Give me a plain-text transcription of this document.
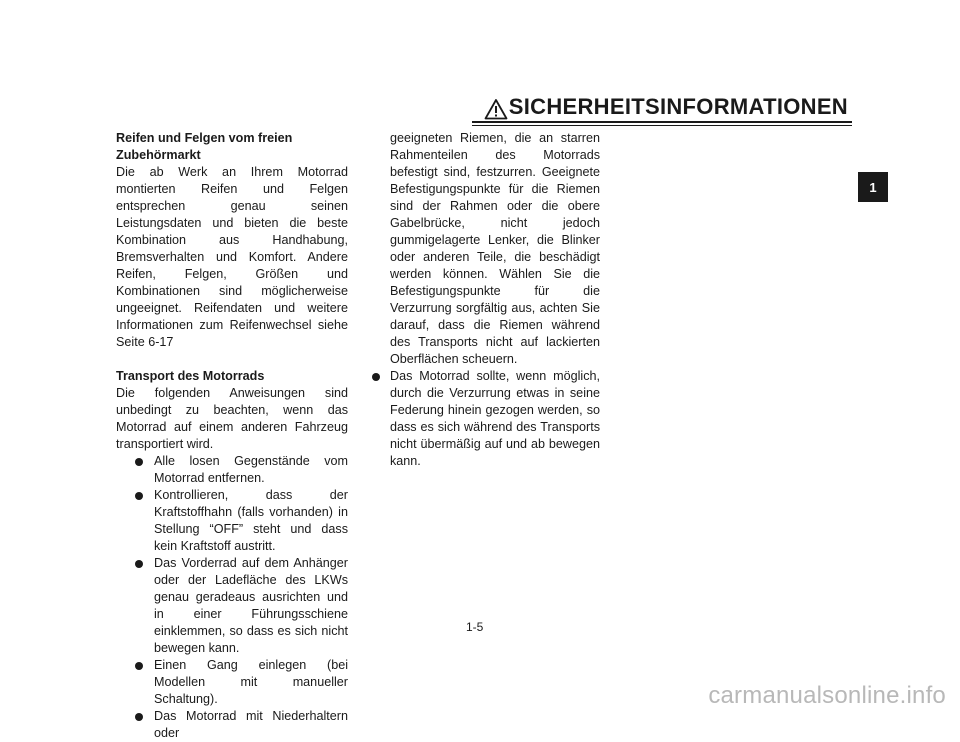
SICHERHEITSINFORMATIONEN
1

Reifen und Felgen vom freien

Zubehörmarkt

Die ab Werk an Ihrem Motorrad montierten Reifen und Felgen entsprechen genau seinen Leistungsdaten und bieten die beste Kombination aus Handhabung, Bremsverhalten und Komfort. Andere Reifen, Felgen, Größen und Kombinationen sind möglicherweise ungeeignet. Reifendaten und weitere Informationen zum Reifenwechsel siehe Seite 6-17

Transport des Motorrads

Die folgenden Anweisungen sind unbedingt zu beachten, wenn das Motorrad auf einem anderen Fahrzeug transportiert wird.

Alle losen Gegenstände vom Motorrad entfernen.
Kontrollieren, dass der Kraftstoffhahn (falls vorhanden) in Stellung “OFF” steht und dass kein Kraftstoff austritt.
Das Vorderrad auf dem Anhänger oder der Ladefläche des LKWs genau geradeaus ausrichten und in einer Führungsschiene einklemmen, so dass es sich nicht bewegen kann.
Einen Gang einlegen (bei Modellen mit manueller Schaltung).
Das Motorrad mit Niederhaltern oder

geeigneten Riemen, die an starren Rahmenteilen des Motorrads befestigt sind, festzurren. Geeignete Befestigungspunkte für die Riemen sind der Rahmen oder die obere Gabelbrücke, nicht jedoch gummigelagerte Lenker, die Blinker oder anderen Teile, die beschädigt werden können. Wählen Sie die Befestigungspunkte für die Verzurrung sorgfältig aus, achten Sie darauf, dass die Riemen während des Transports nicht auf lackierten Oberflächen scheuern.

Das Motorrad sollte, wenn möglich, durch die Verzurrung etwas in seine Federung hinein gezogen werden, so dass es sich während des Transports nicht übermäßig auf und ab bewegen kann.
1-5
carmanualsonline.info
